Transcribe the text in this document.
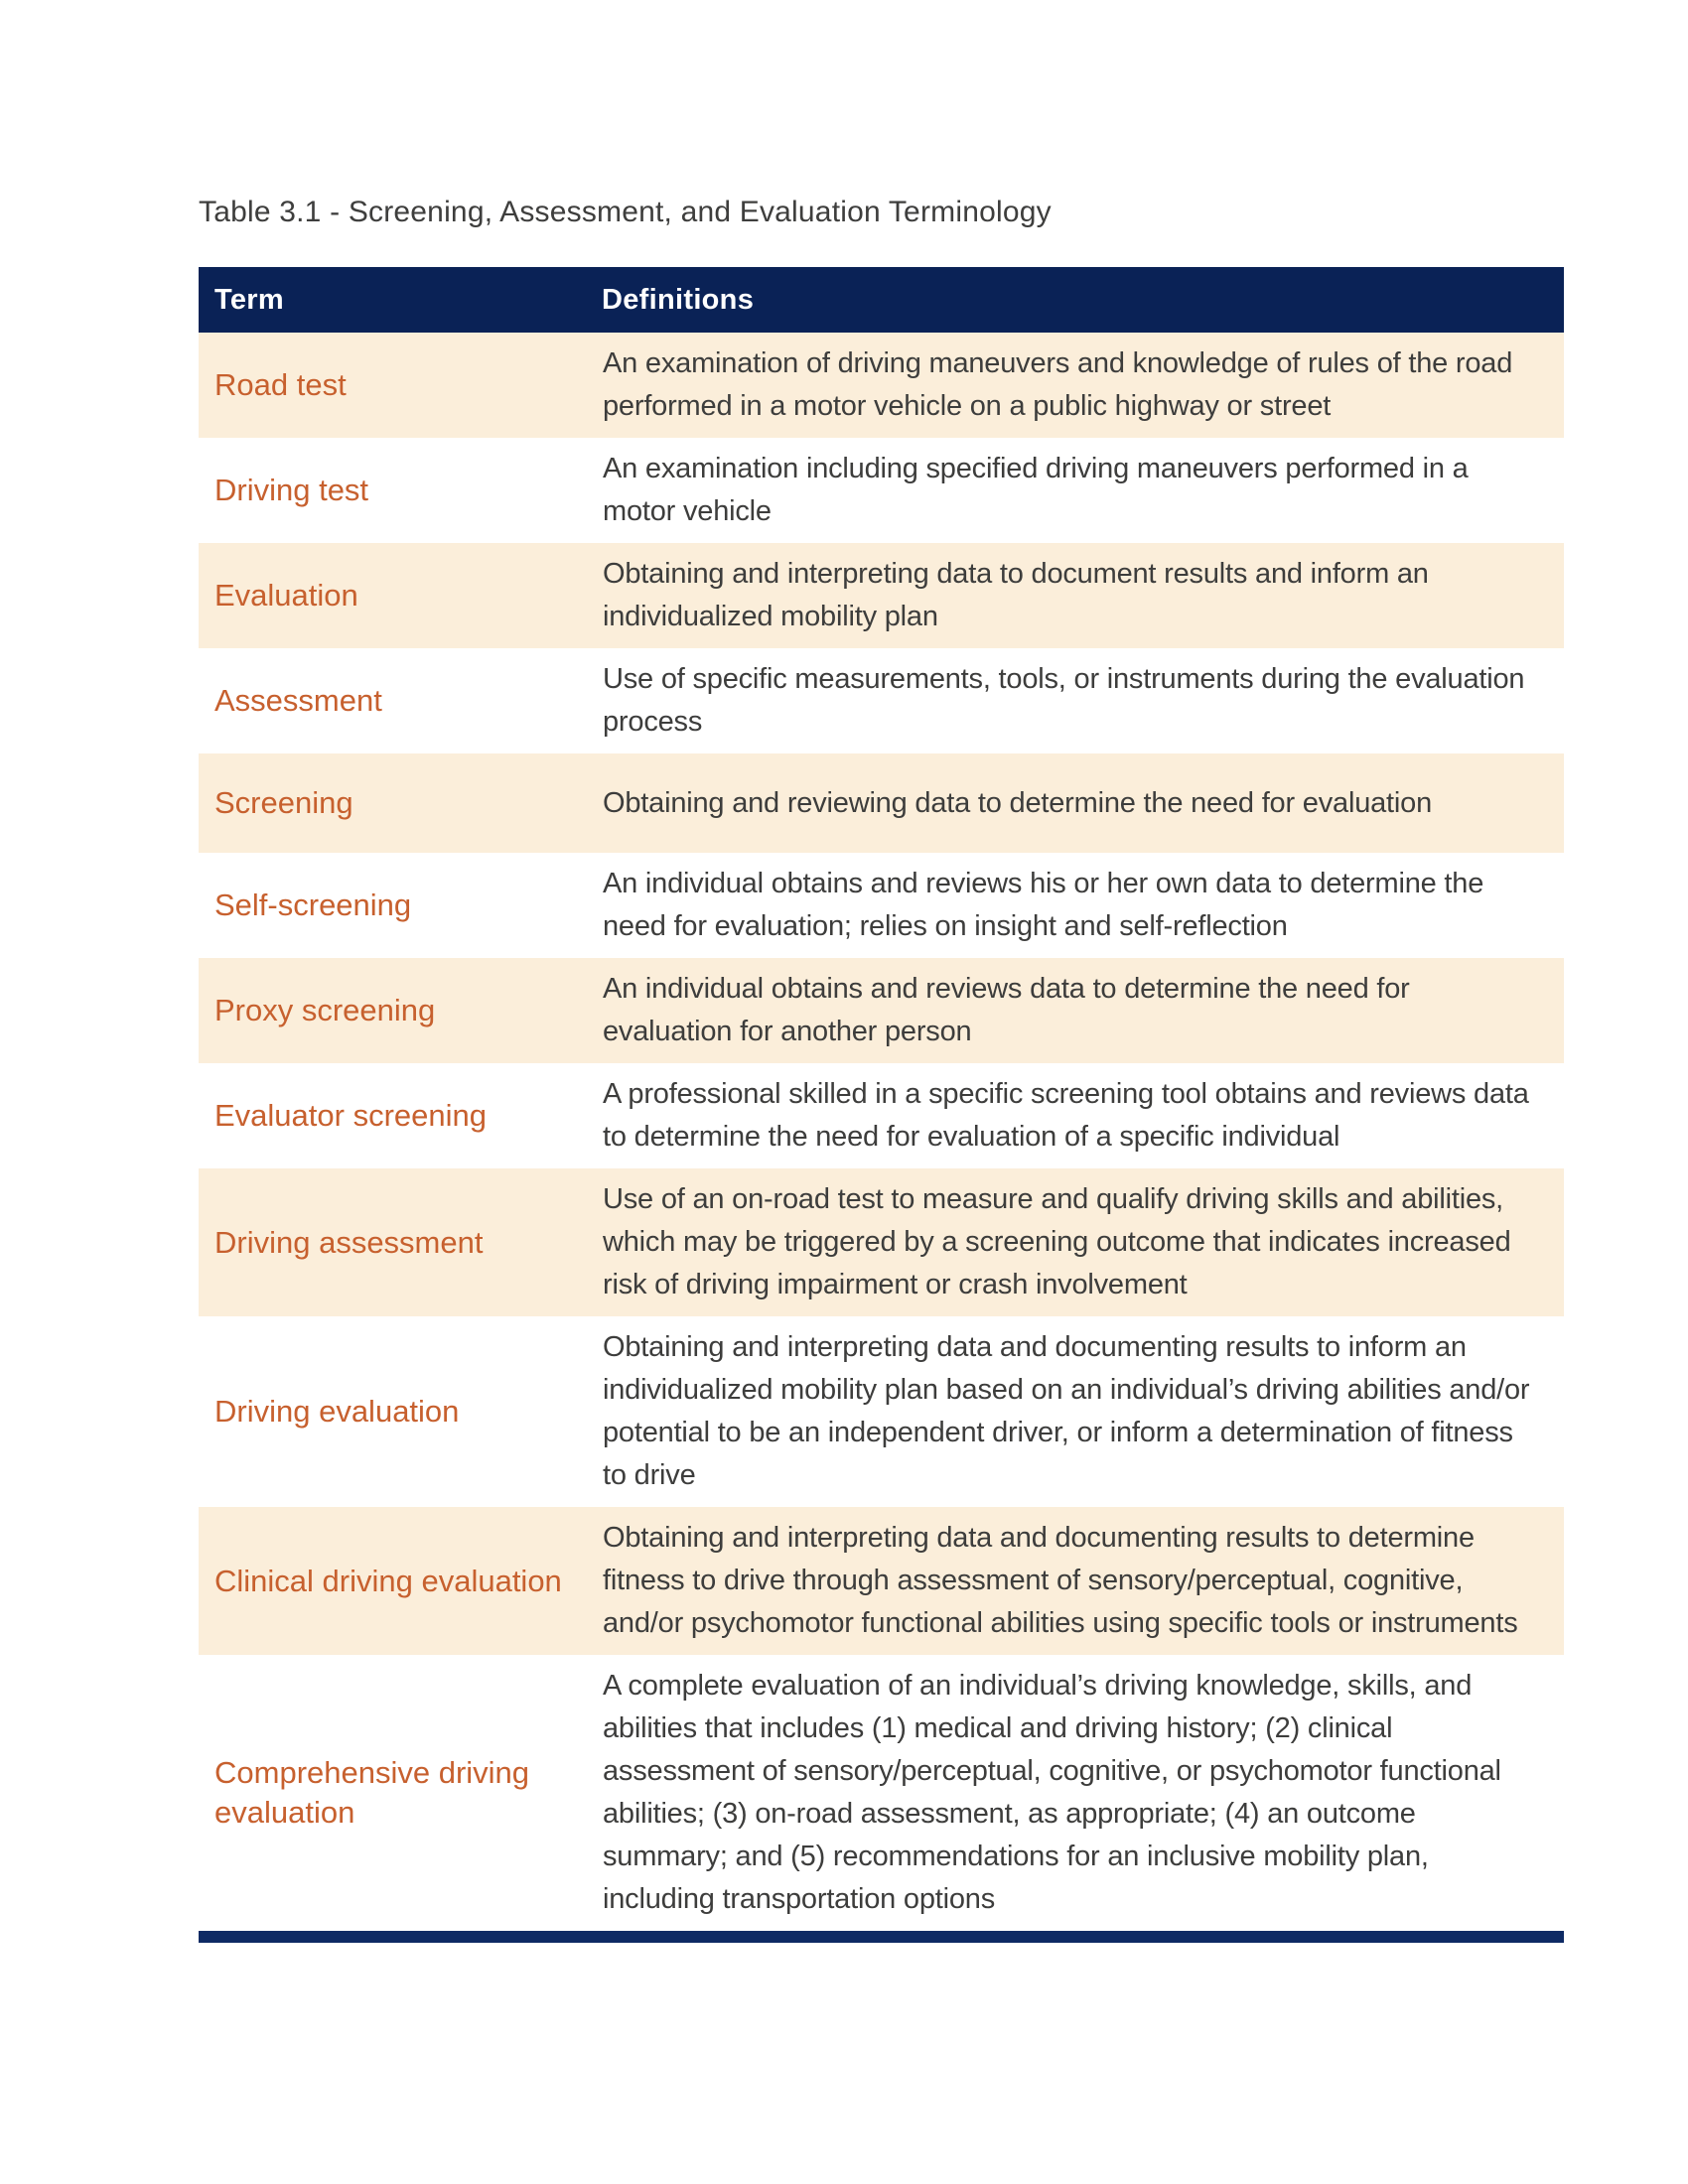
Table 3.1 - Screening, Assessment, and Evaluation Terminology
Term	Definitions
Road test	An examination of driving maneuvers and knowledge of rules of the road performed in a motor vehicle on a public highway or street
Driving test	An examination including specified driving maneuvers performed in a motor vehicle
Evaluation	Obtaining and interpreting data to document results and inform an individualized mobility plan
Assessment	Use of specific measurements, tools, or instruments during the evaluation process
Screening	Obtaining and reviewing data to determine the need for evaluation
Self-screening	An individual obtains and reviews his or her own data to determine the need for evaluation; relies on insight and self-reflection
Proxy screening	An individual obtains and reviews data to determine the need for evaluation for another person
Evaluator screening	A professional skilled in a specific screening tool obtains and reviews data to determine the need for evaluation of a specific individual
Driving assessment	Use of an on-road test to measure and qualify driving skills and abilities, which may be triggered by a screening outcome that indicates increased risk of driving impairment or crash involvement
Driving evaluation	Obtaining and interpreting data and documenting results to inform an individualized mobility plan based on an individual’s driving abilities and/or potential to be an independent driver, or inform a determination of fitness to drive
Clinical driving evaluation	Obtaining and interpreting data and documenting results to determine fitness to drive through assessment of sensory/perceptual, cognitive, and/or psychomotor functional abilities using specific tools or instruments
Comprehensive driving evaluation	A complete evaluation of an individual’s driving knowledge, skills, and abilities that includes (1) medical and driving history; (2) clinical assessment of sensory/perceptual, cognitive, or psychomotor functional abilities; (3) on-road assessment, as appropriate; (4) an outcome summary; and (5) recommendations for an inclusive mobility plan, including transportation options
